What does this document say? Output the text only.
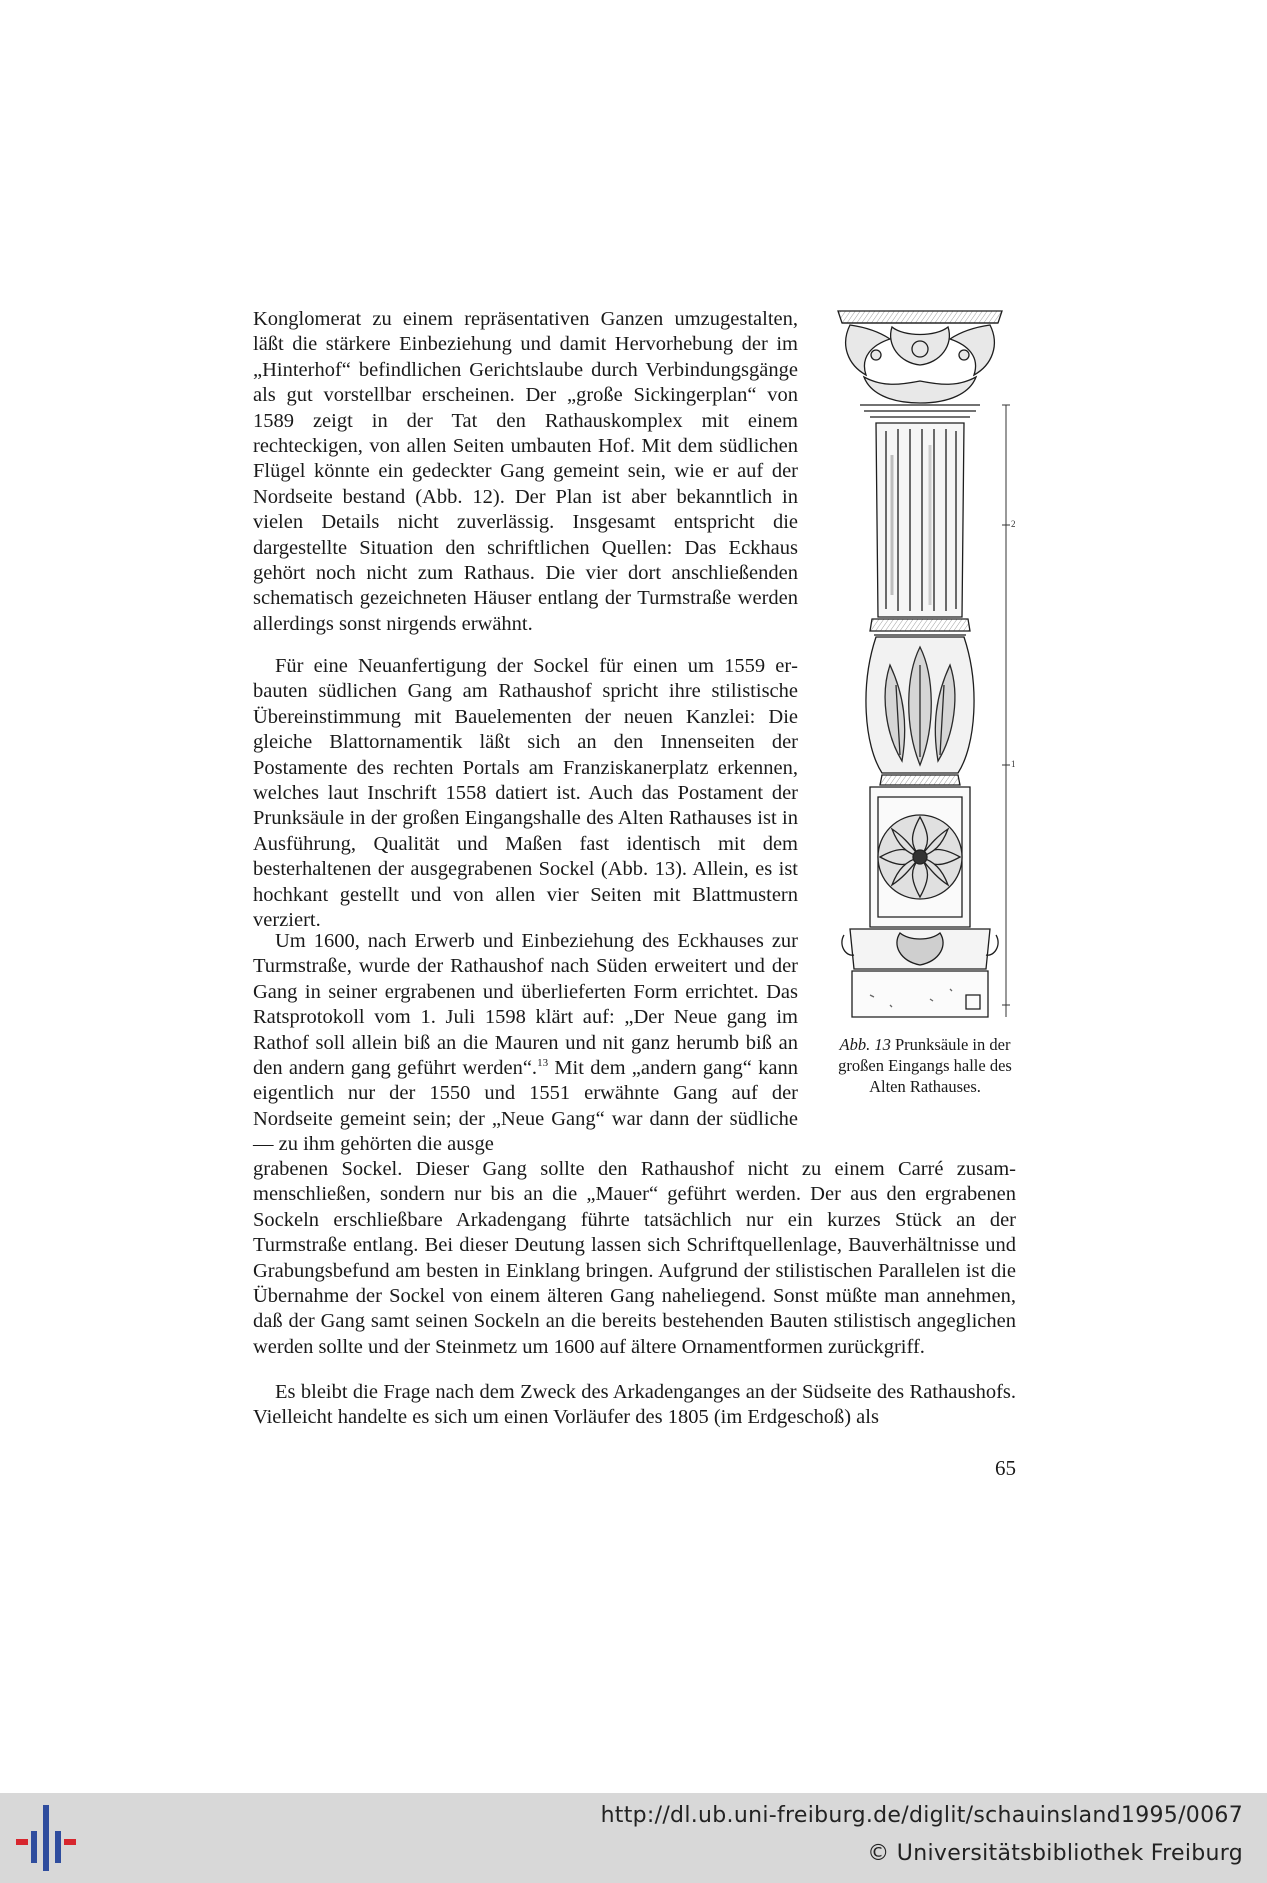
Konglomerat zu einem repräsentativen Ganzen umzugestalten, läßt die stärkere Einbeziehung und damit Hervorhebung der im „Hinterhof“ befindlichen Gerichtslaube durch Verbindungsgänge als gut vorstellbar erscheinen. Der „große Sickingerplan“ von 1589 zeigt in der Tat den Rathauskomplex mit einem rechteckigen, von allen Seiten umbauten Hof. Mit dem südlichen Flügel könnte ein gedeckter Gang gemeint sein, wie er auf der Nordseite bestand (Abb. 12). Der Plan ist aber bekanntlich in vielen Details nicht zuverlässig. Insgesamt entspricht die dargestellte Situation den schriftlichen Quellen: Das Eckhaus gehört noch nicht zum Rathaus. Die vier dort anschließenden schematisch gezeichneten Häuser entlang der Turmstraße werden allerdings sonst nirgends erwähnt.

Für eine Neuanfertigung der Sockel für einen um 1559 erbauten südlichen Gang am Rathaushof spricht ihre stilistische Übereinstimmung mit Bauelementen der neuen Kanzlei: Die gleiche Blattornamentik läßt sich an den Innenseiten der Postamente des rechten Portals am Franziskanerplatz erkennen, welches laut Inschrift 1558 datiert ist. Auch das Postament der Prunksäule in der großen Eingangshalle des Alten Rathauses ist in Ausführung, Qualität und Maßen fast identisch mit dem besterhaltenen der ausgegrabenen Sockel (Abb. 13). Allein, es ist hochkant gestellt und von allen vier Seiten mit Blattmustern verziert.

Um 1600, nach Erwerb und Einbeziehung des Eckhauses zur Turmstraße, wurde der Rathaushof nach Süden erweitert und der Gang in seiner ergrabenen und überlieferten Form errichtet. Das Ratsprotokoll vom 1. Juli 1598 klärt auf: „Der Neue gang im Rathof soll allein biß an die Mauren und nit ganz herumb biß an den andern gang geführt werden“.$^{13}$ Mit dem „andern gang“ kann eigentlich nur der 1550 und 1551 erwähnte Gang auf der Nordseite gemeint sein; der „Neue Gang“ war dann der südliche — zu ihm gehörten die ausge

grabenen Sockel. Dieser Gang sollte den Rathaushof nicht zu einem Carré zusammenschließen, sondern nur bis an die „Mauer“ geführt werden. Der aus den ergrabenen Sockeln erschließbare Arkadengang führte tatsächlich nur ein kurzes Stück an der Turmstraße entlang. Bei dieser Deutung lassen sich Schriftquellenlage, Bauverhältnisse und Grabungsbefund am besten in Einklang bringen. Aufgrund der stilistischen Parallelen ist die Übernahme der Sockel von einem älteren Gang naheliegend. Sonst müßte man annehmen, daß der Gang samt seinen Sockeln an die bereits bestehenden Bauten stilistisch angeglichen werden sollte und der Steinmetz um 1600 auf ältere Ornamentformen zurückgriff.

Es bleibt die Frage nach dem Zweck des Arkadenganges an der Südseite des Rathaushofs. Vielleicht handelte es sich um einen Vorläufer des 1805 (im Erdgeschoß) als

2
1

Abb. 13 Prunksäule in der großen Eingangs halle des Alten Rathauses.

65
http://dl.ub.uni-freiburg.de/diglit/schauinsland1995/0067
© Universitätsbibliothek Freiburg
